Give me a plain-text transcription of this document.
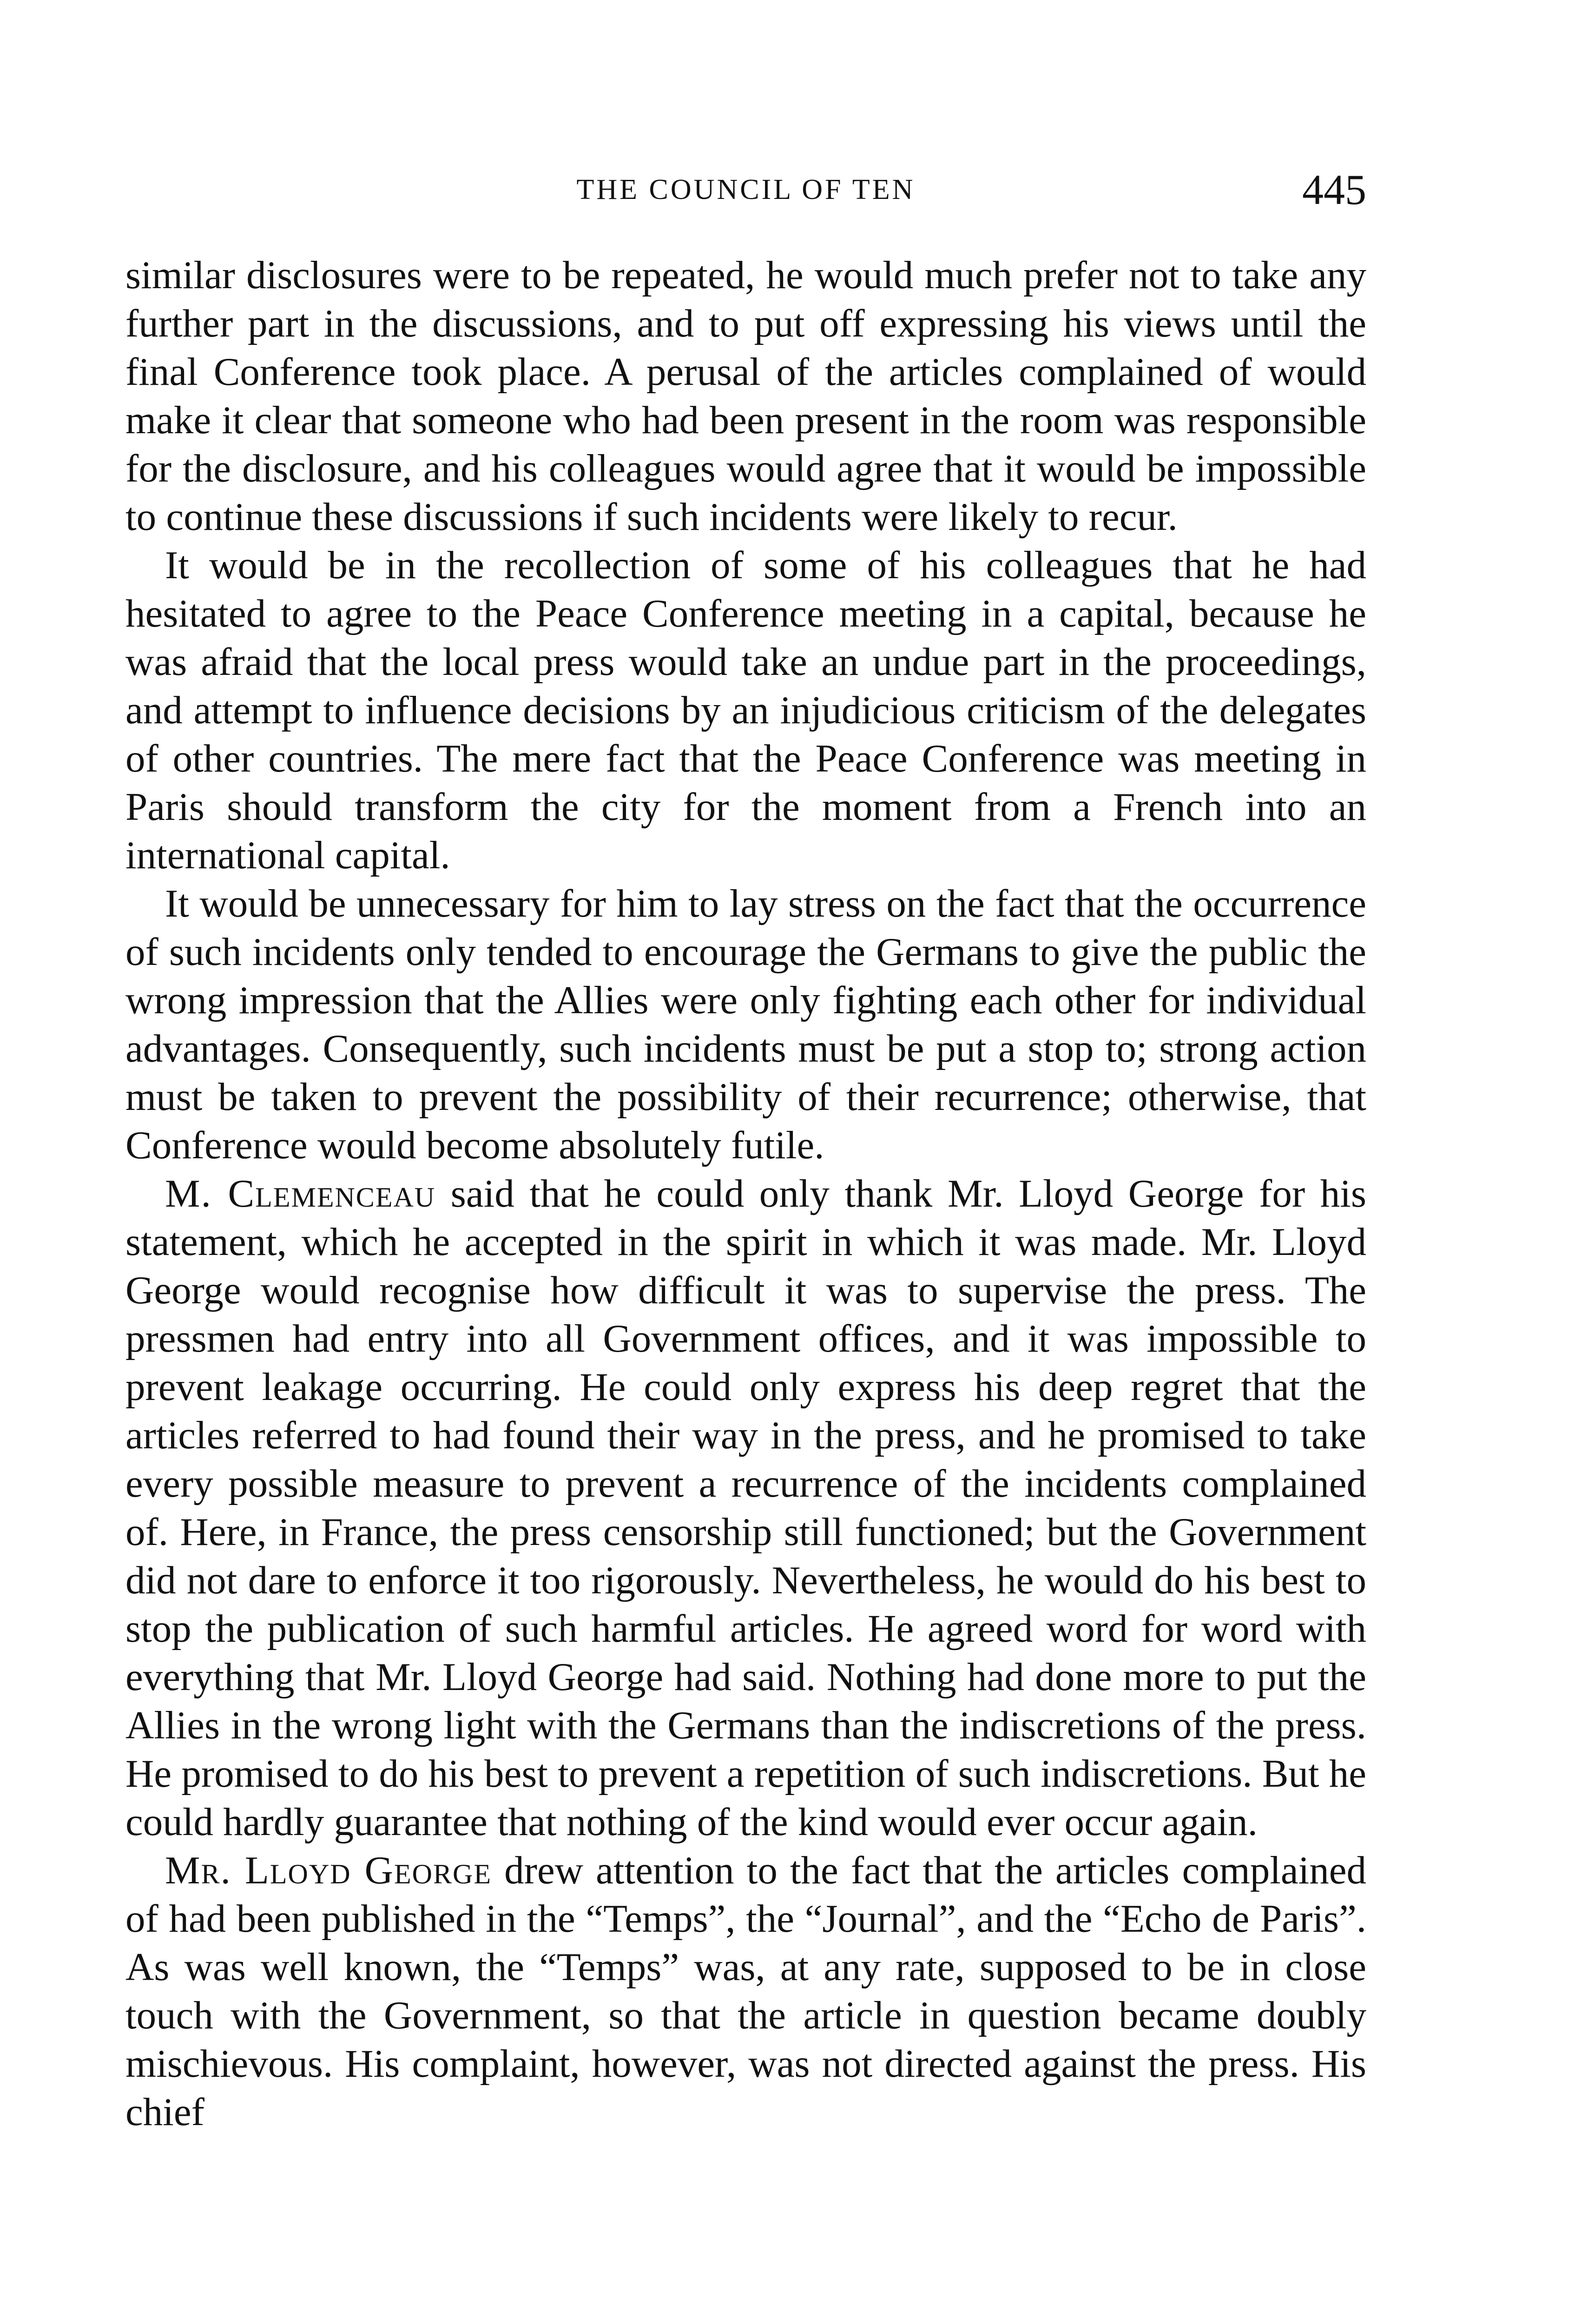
THE COUNCIL OF TEN	445

similar disclosures were to be repeated, he would much prefer not to take any further part in the discussions, and to put off expressing his views until the final Conference took place. A perusal of the articles complained of would make it clear that someone who had been present in the room was responsible for the disclosure, and his colleagues would agree that it would be impossible to continue these discussions if such incidents were likely to recur.

It would be in the recollection of some of his colleagues that he had hesitated to agree to the Peace Conference meeting in a capital, because he was afraid that the local press would take an undue part in the proceedings, and attempt to influence decisions by an injudicious criticism of the delegates of other countries. The mere fact that the Peace Conference was meeting in Paris should transform the city for the moment from a French into an international capital.

It would be unnecessary for him to lay stress on the fact that the occurrence of such incidents only tended to encourage the Germans to give the public the wrong impression that the Allies were only fighting each other for individual advantages. Consequently, such incidents must be put a stop to; strong action must be taken to prevent the possibility of their recurrence; otherwise, that Conference would become absolutely futile.

M. Clemenceau said that he could only thank Mr. Lloyd George for his statement, which he accepted in the spirit in which it was made. Mr. Lloyd George would recognise how difficult it was to supervise the press. The pressmen had entry into all Government offices, and it was impossible to prevent leakage occurring. He could only express his deep regret that the articles referred to had found their way in the press, and he promised to take every possible measure to prevent a recurrence of the incidents complained of. Here, in France, the press censorship still functioned; but the Government did not dare to enforce it too rigorously. Nevertheless, he would do his best to stop the publication of such harmful articles. He agreed word for word with everything that Mr. Lloyd George had said. Nothing had done more to put the Allies in the wrong light with the Germans than the indiscretions of the press. He promised to do his best to prevent a repetition of such indiscretions. But he could hardly guarantee that nothing of the kind would ever occur again.

Mr. Lloyd George drew attention to the fact that the articles complained of had been published in the “Temps”, the “Journal”, and the “Echo de Paris”. As was well known, the “Temps” was, at any rate, supposed to be in close touch with the Government, so that the article in question became doubly mischievous. His complaint, however, was not directed against the press. His chief
